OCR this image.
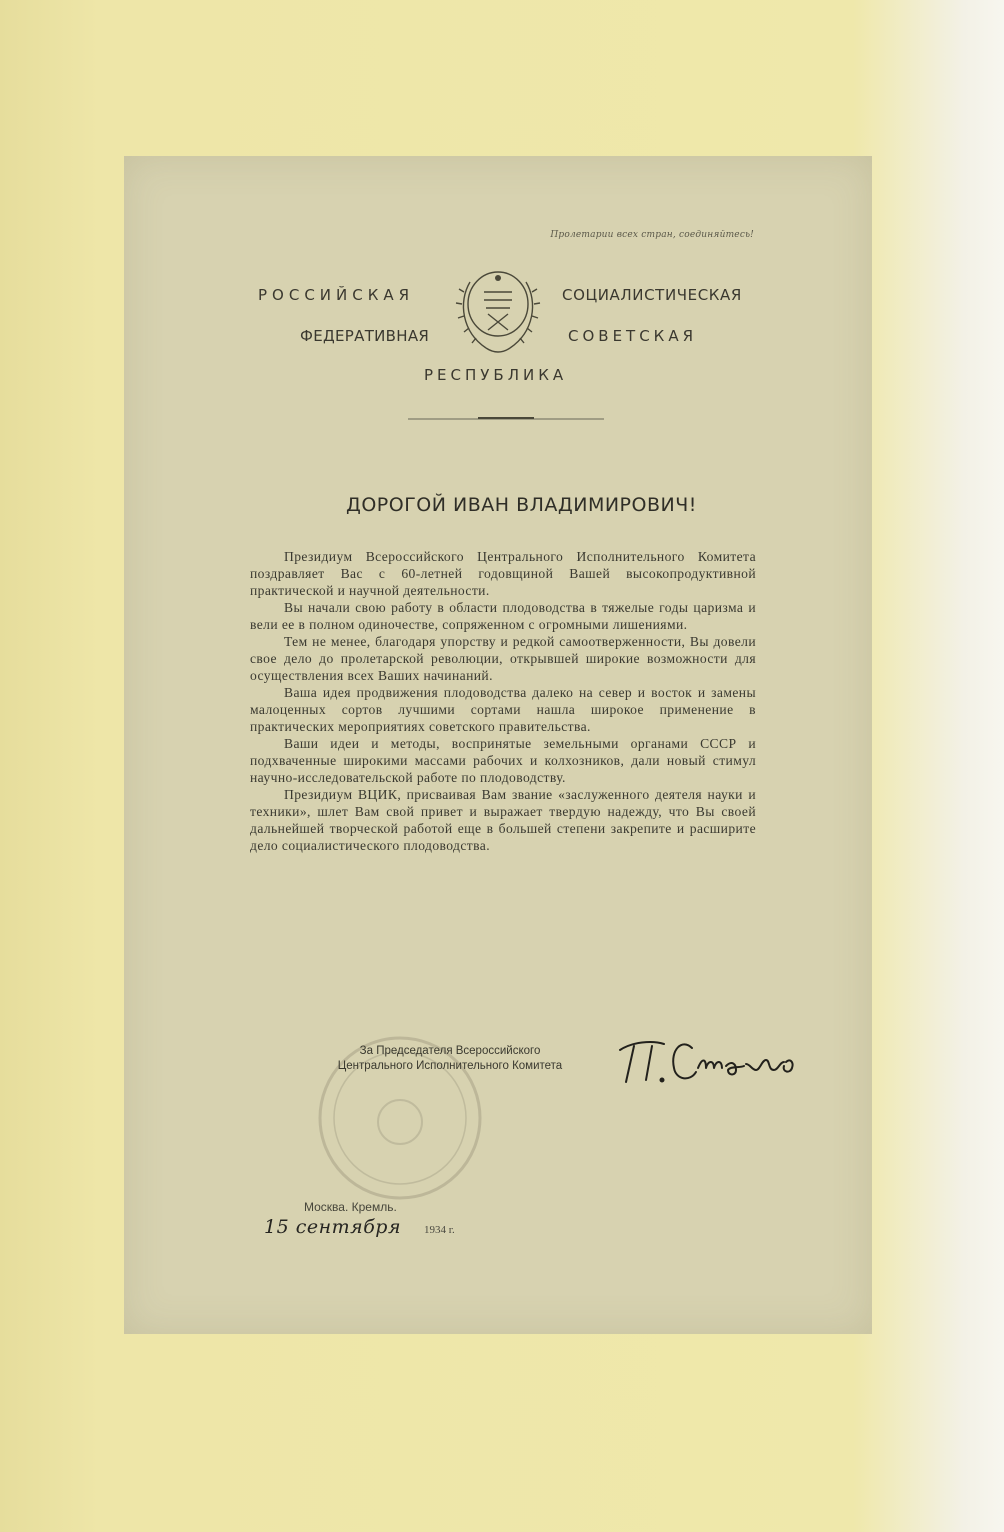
Пролетарии всех стран, соединяйтесь!
РОССИЙСКАЯ	СОЦИАЛИСТИЧЕСКАЯ
ФЕДЕРАТИВНАЯ	СОВЕТСКАЯ
РЕСПУБЛИКА
ДОРОГОЙ ИВАН ВЛАДИМИРОВИЧ!

Президиум Всероссийского Центрального Исполнительного Комитета поздравляет Вас с 60-летней годовщиной Вашей высокопродуктивной практической и научной деятельности.

Вы начали свою работу в области плодоводства в тяжелые годы царизма и вели ее в полном одиночестве, сопряженном с огромными лишениями.

Тем не менее, благодаря упорству и редкой самоотверженности, Вы довели свое дело до пролетарской революции, открывшей широкие возможности для осуществления всех Ваших начинаний.

Ваша идея продвижения плодоводства далеко на север и восток и замены малоценных сортов лучшими сортами нашла широкое применение в практических мероприятиях советского правительства.

Ваши идеи и методы, воспринятые земельными органами СССР и подхваченные широкими массами рабочих и колхозников, дали новый стимул научно-исследовательской работе по плодоводству.

Президиум ВЦИК, присваивая Вам звание «заслуженного деятеля науки и техники», шлет Вам свой привет и выражает твердую надежду, что Вы своей дальнейшей творческой работой еще в большей степени закрепите и расширите дело социалистического плодоводства.

За Председателя Всероссийского
Центрального Исполнительного Комитета
Москва. Кремль.
15 сентября 1934 г.
